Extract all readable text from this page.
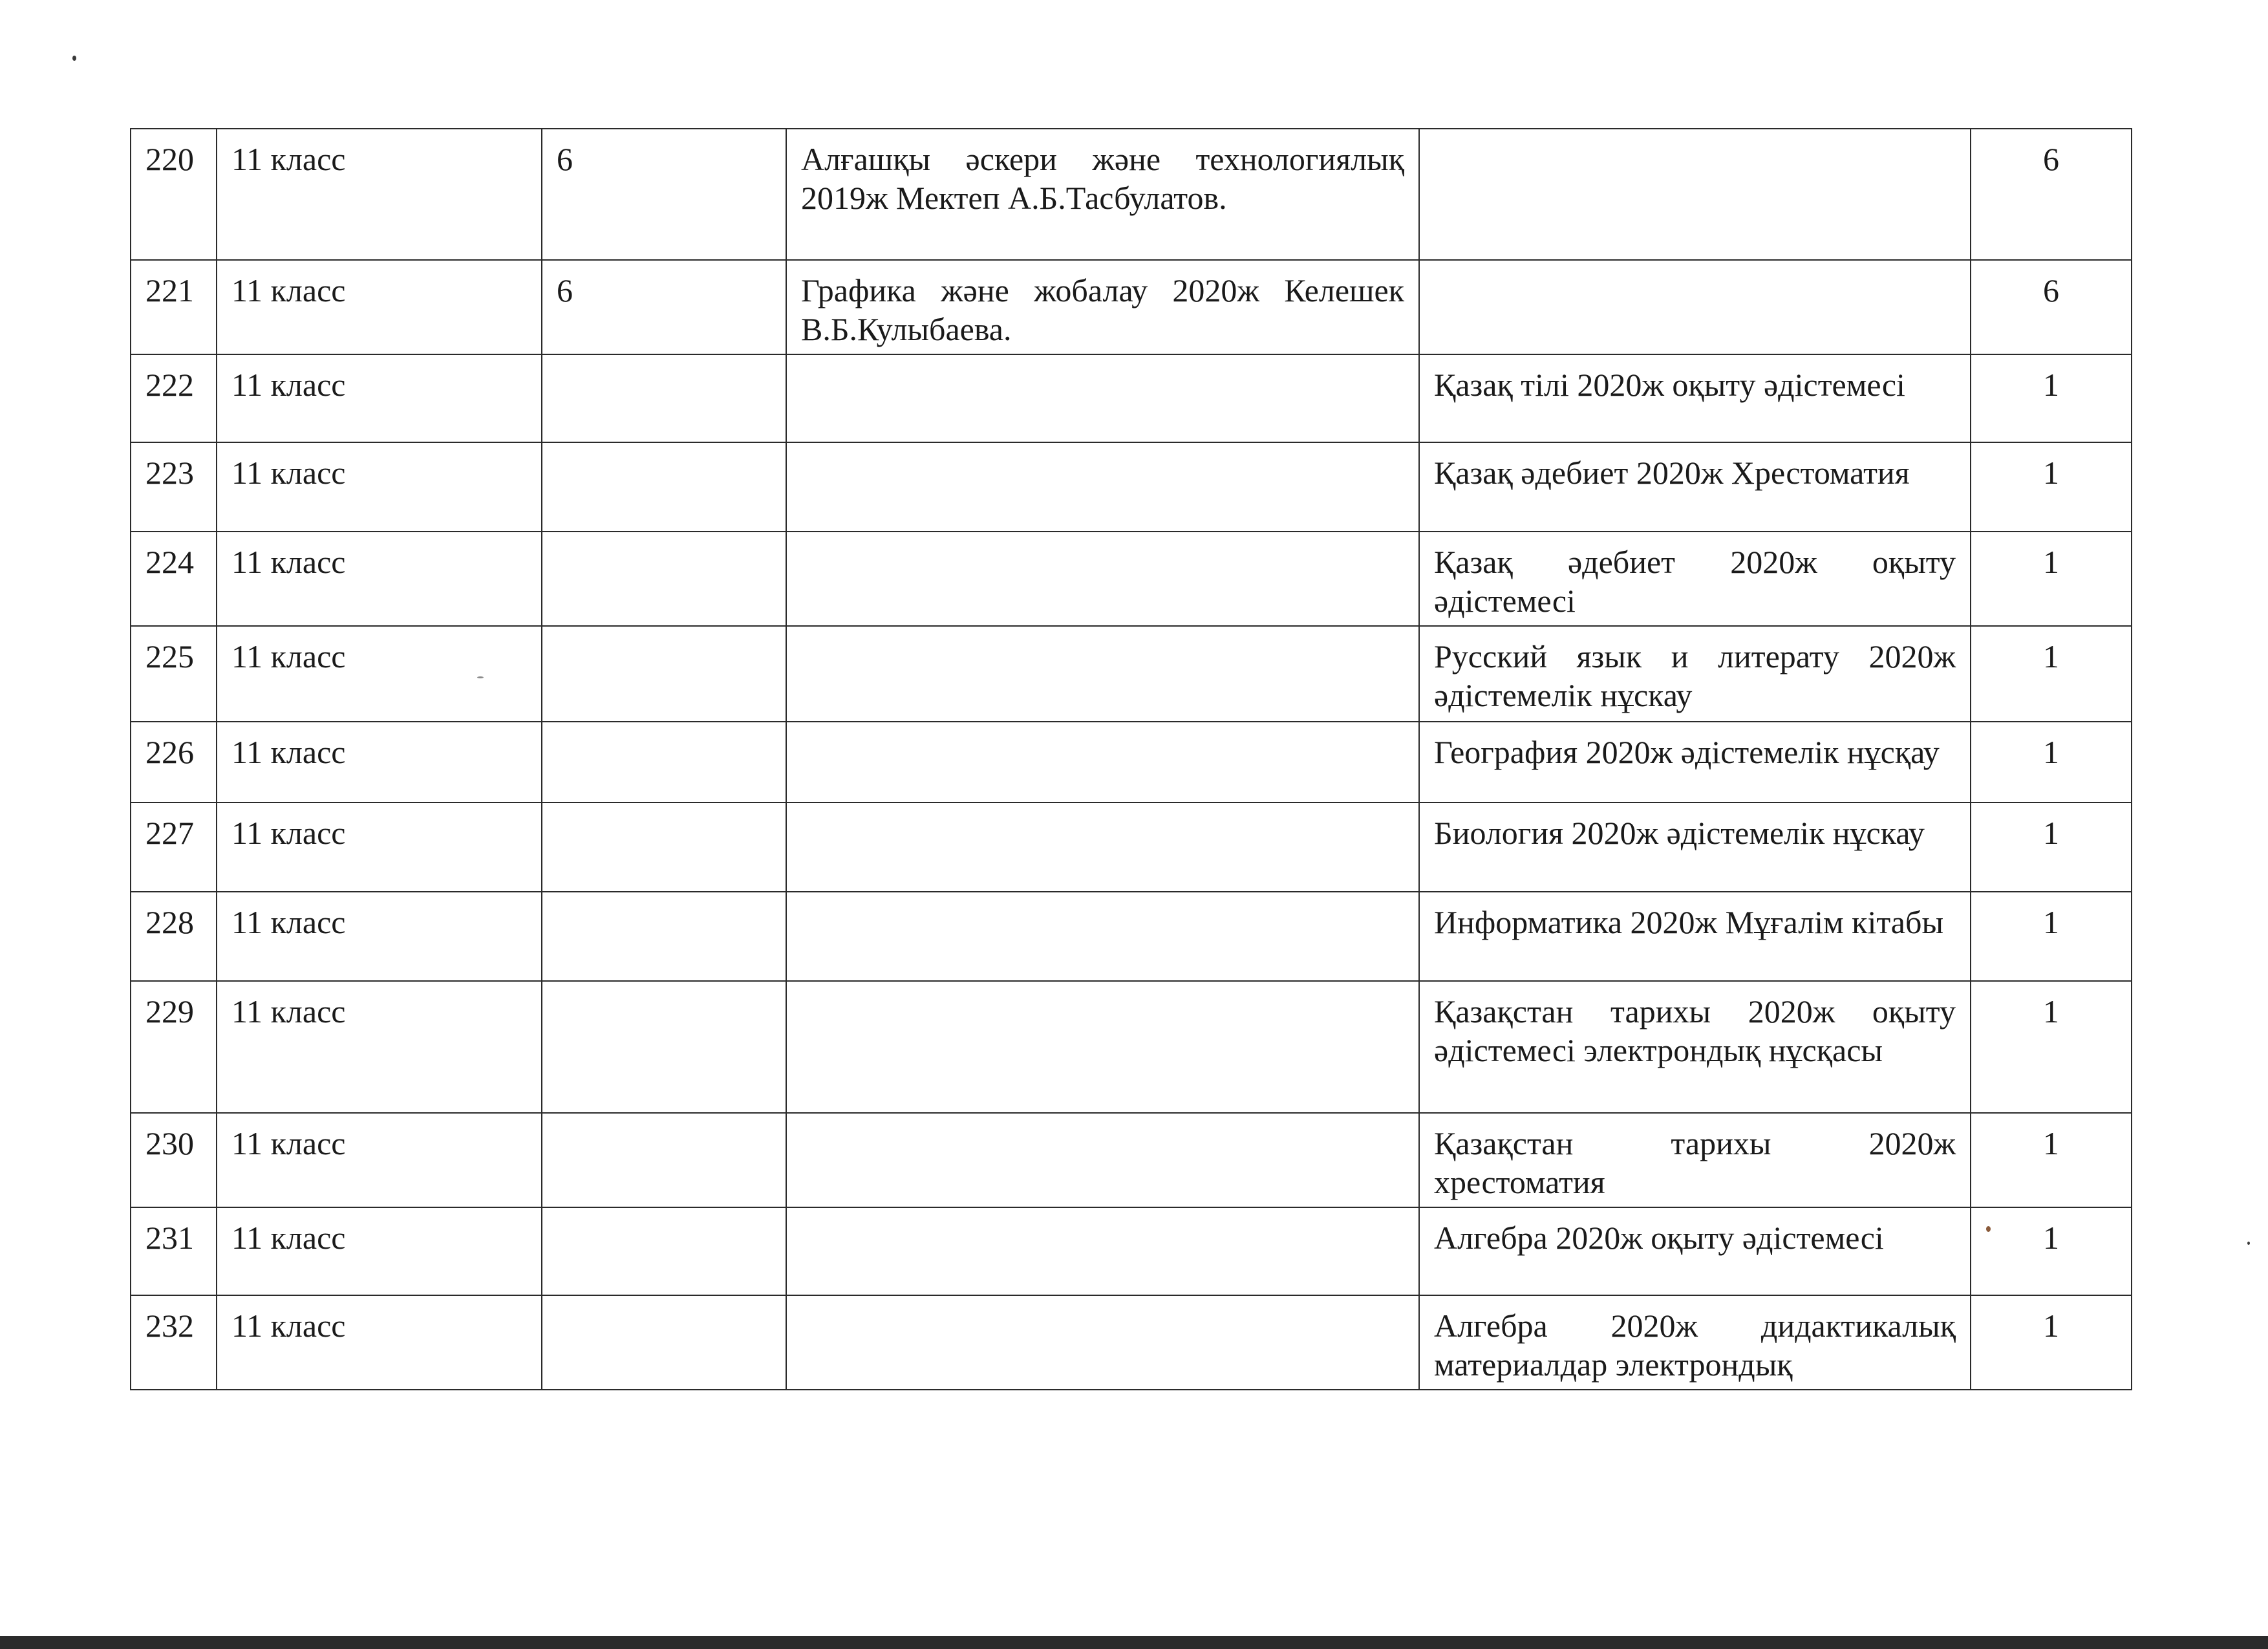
220	11 класс	6	Алғашқы әскери және технологиялық 2019ж Мектеп А.Б.Тасбулатов.		6
221	11 класс	6	Графика және жобалау 2020ж Келешек В.Б.Кулыбаева.		6
222	11 класс			Қазақ тілі 2020ж оқыту әдістемесі	1
223	11 класс			Қазақ әдебиет 2020ж Хрестоматия	1
224	11 класс			Қазақ әдебиет 2020ж оқыту әдістемесі	1
225	11 класс			Русский язык и литерату 2020ж әдістемелік нұскау	1
226	11 класс			География 2020ж әдістемелік нұсқау	1
227	11 класс			Биология 2020ж әдістемелік нұскау	1
228	11 класс			Информатика 2020ж Мұғалім кітабы	1
229	11 класс			Қазақстан тарихы 2020ж оқыту әдістемесі электрондық нұсқасы	1
230	11 класс			Қазақстан тарихы 2020ж хрестоматия	1
231	11 класс			Алгебра 2020ж оқыту әдістемесі	1
232	11 класс			Алгебра 2020ж дидактикалық материалдар электрондық	1
